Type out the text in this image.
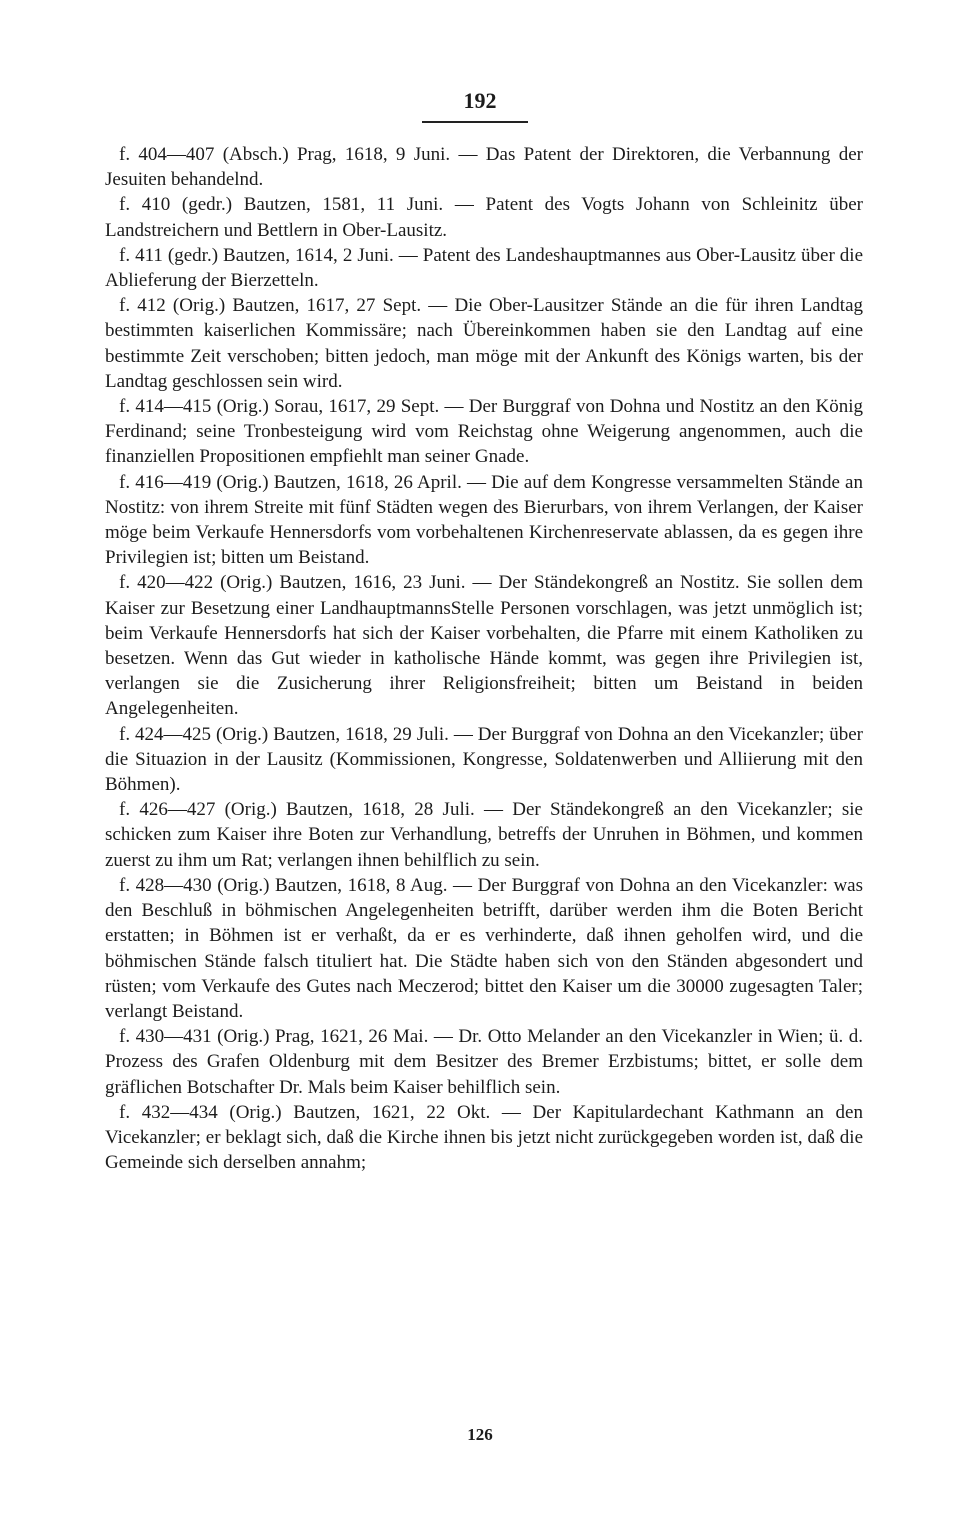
192

f. 404—407 (Absch.) Prag, 1618, 9 Juni. — Das Patent der Direktoren, die Verbannung der Jesuiten behandelnd.

f. 410 (gedr.) Bautzen, 1581, 11 Juni. — Patent des Vogts Johann von Schleinitz über Landstreichern und Bettlern in Ober-Lausitz.

f. 411 (gedr.) Bautzen, 1614, 2 Juni. — Patent des Landeshauptmannes aus Ober-Lausitz über die Ablieferung der Bierzetteln.

f. 412 (Orig.) Bautzen, 1617, 27 Sept. — Die Ober-Lausitzer Stände an die für ihren Landtag bestimmten kaiserlichen Kommissäre; nach Übereinkommen haben sie den Landtag auf eine bestimmte Zeit verschoben; bitten jedoch, man möge mit der Ankunft des Königs warten, bis der Landtag geschlossen sein wird.

f. 414—415 (Orig.) Sorau, 1617, 29 Sept. — Der Burggraf von Dohna und Nostitz an den König Ferdinand; seine Tronbesteigung wird vom Reichstag ohne Weigerung angenommen, auch die finanziellen Propositionen empfiehlt man seiner Gnade.

f. 416—419 (Orig.) Bautzen, 1618, 26 April. — Die auf dem Kongresse versammelten Stände an Nostitz: von ihrem Streite mit fünf Städten wegen des Bierurbars, von ihrem Verlangen, der Kaiser möge beim Verkaufe Hennersdorfs vom vorbehaltenen Kirchenreservate ablassen, da es gegen ihre Privilegien ist; bitten um Beistand.

f. 420—422 (Orig.) Bautzen, 1616, 23 Juni. — Der Ständekongreß an Nostitz. Sie sollen dem Kaiser zur Besetzung einer LandhauptmannsStelle Personen vorschlagen, was jetzt unmöglich ist; beim Verkaufe Hennersdorfs hat sich der Kaiser vorbehalten, die Pfarre mit einem Katholiken zu besetzen. Wenn das Gut wieder in katholische Hände kommt, was gegen ihre Privilegien ist, verlangen sie die Zusicherung ihrer Religionsfreiheit; bitten um Beistand in beiden Angelegenheiten.

f. 424—425 (Orig.) Bautzen, 1618, 29 Juli. — Der Burggraf von Dohna an den Vicekanzler; über die Situazion in der Lausitz (Kommissionen, Kongresse, Soldatenwerben und Alliierung mit den Böhmen).

f. 426—427 (Orig.) Bautzen, 1618, 28 Juli. — Der Ständekongreß an den Vicekanzler; sie schicken zum Kaiser ihre Boten zur Verhandlung, betreffs der Unruhen in Böhmen, und kommen zuerst zu ihm um Rat; verlangen ihnen behilflich zu sein.

f. 428—430 (Orig.) Bautzen, 1618, 8 Aug. — Der Burggraf von Dohna an den Vicekanzler: was den Beschluß in böhmischen Angelegenheiten betrifft, darüber werden ihm die Boten Bericht erstatten; in Böhmen ist er verhaßt, da er es verhinderte, daß ihnen geholfen wird, und die böhmischen Stände falsch tituliert hat. Die Städte haben sich von den Ständen abgesondert und rüsten; vom Verkaufe des Gutes nach Meczerod; bittet den Kaiser um die 30000 zugesagten Taler; verlangt Beistand.

f. 430—431 (Orig.) Prag, 1621, 26 Mai. — Dr. Otto Melander an den Vicekanzler in Wien; ü. d. Prozess des Grafen Oldenburg mit dem Besitzer des Bremer Erzbistums; bittet, er solle dem gräflichen Botschafter Dr. Mals beim Kaiser behilflich sein.

f. 432—434 (Orig.) Bautzen, 1621, 22 Okt. — Der Kapitulardechant Kathmann an den Vicekanzler; er beklagt sich, daß die Kirche ihnen bis jetzt nicht zurückgegeben worden ist, daß die Gemeinde sich derselben annahm;

126
